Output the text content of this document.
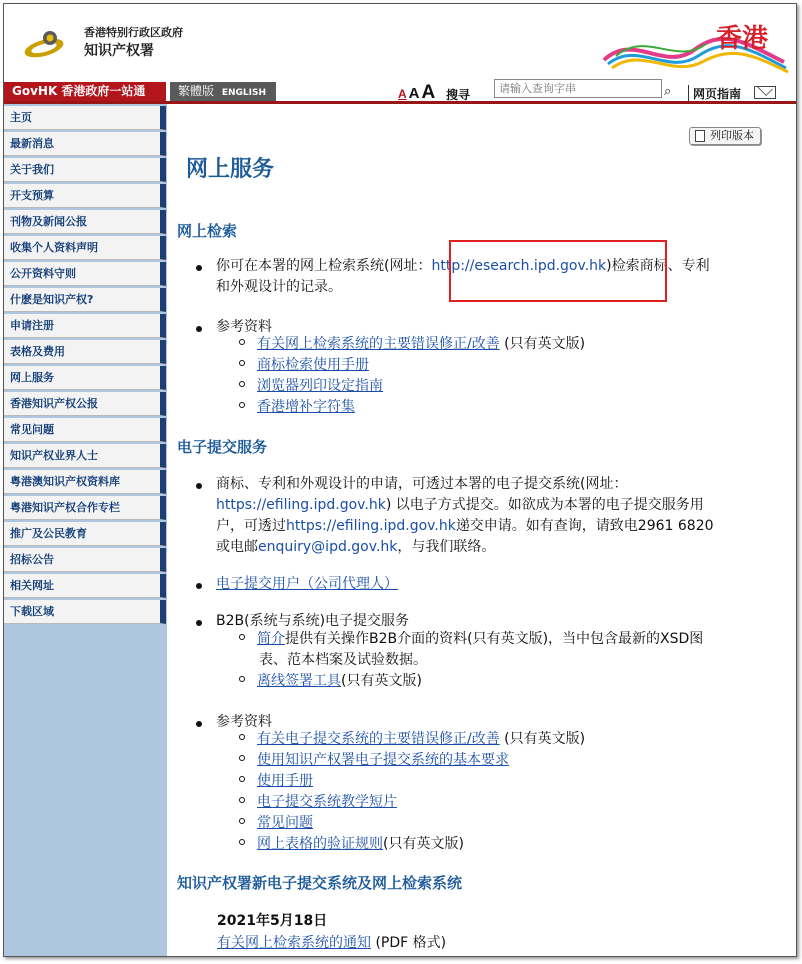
香港特别行政区政府
知识产权署	香港
GovHK 香港政府一站通	繁體版 ENGLISH	A A A 搜寻
请输入查询字串	⌕	网页指南
主页
最新消息
关于我们
开支预算
刊物及新闻公报
收集个人资料声明
公开资料守则
什麽是知识产权?
申请注册
表格及费用
网上服务
香港知识产权公报
常见问题
知识产权业界人士
粤港澳知识产权资料库
粤港知识产权合作专栏
推广及公民教育
招标公告
相关网址
下载区域
列印版本
网上服务
网上检索
你可在本署的网上检索系统(网址：http://esearch.ipd.gov.hk)检索商标、专利
和外观设计的记录。
参考资料
有关网上检索系统的主要错误修正/改善 (只有英文版)
商标检索使用手册
浏览器列印设定指南
香港增补字符集
电子提交服务
商标、专利和外观设计的申请，可透过本署的电子提交系统(网址：
https://efiling.ipd.gov.hk) 以电子方式提交。如欲成为本署的电子提交服务用
户，可透过https://efiling.ipd.gov.hk递交申请。如有查询，请致电2961 6820
或电邮enquiry@ipd.gov.hk，与我们联络。
电子提交用户（公司代理人）
B2B(系统与系统)电子提交服务
简介提供有关操作B2B介面的资料(只有英文版)，当中包含最新的XSD图
表、范本档案及试验数据。
离线签署工具(只有英文版)
参考资料
有关电子提交系统的主要错误修正/改善 (只有英文版)
使用知识产权署电子提交系统的基本要求
使用手册
电子提交系统教学短片
常见问题
网上表格的验证规则(只有英文版)
知识产权署新电子提交系统及网上检索系统
2021年5月18日
有关网上检索系统的通知 (PDF 格式)
